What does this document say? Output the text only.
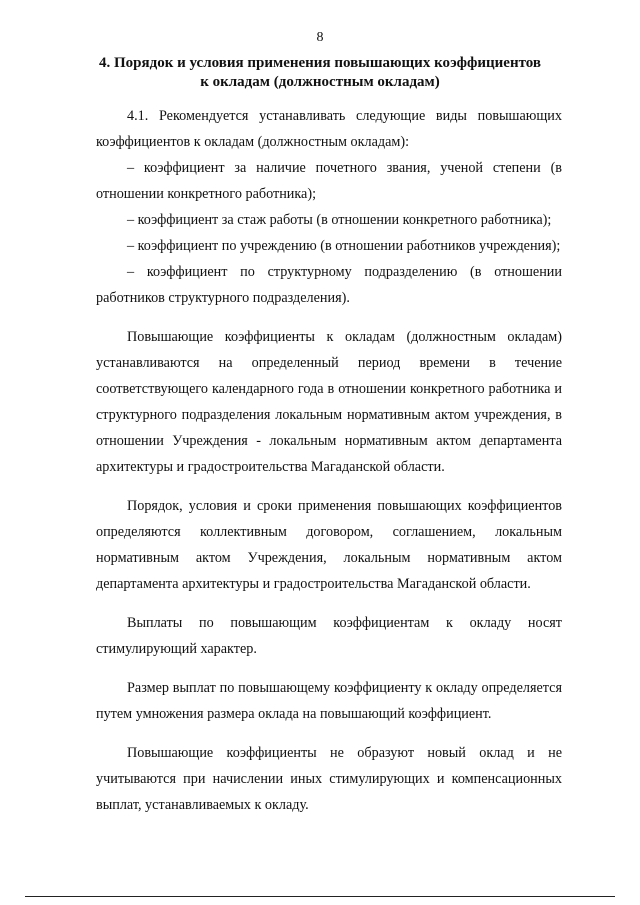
8
4. Порядок и условия применения повышающих коэффициентов
к окладам (должностным окладам)

4.1. Рекомендуется устанавливать следующие виды повышающих коэффициентов к окладам (должностным окладам):

– коэффициент за наличие почетного звания, ученой степени (в отношении конкретного работника);

– коэффициент за стаж работы (в отношении конкретного работника);

– коэффициент по учреждению (в отношении работников учреждения);

– коэффициент по структурному подразделению (в отношении работников структурного подразделения).

Повышающие коэффициенты к окладам (должностным окладам) устанавливаются на определенный период времени в течение соответствующего календарного года в отношении конкретного работника и структурного подразделения локальным нормативным актом учреждения, в отношении Учреждения - локальным нормативным актом департамента архитектуры и градостроительства Магаданской области.

Порядок, условия и сроки применения повышающих коэффициентов определяются коллективным договором, соглашением, локальным нормативным актом Учреждения, локальным нормативным актом департамента архитектуры и градостроительства Магаданской области.

Выплаты по повышающим коэффициентам к окладу носят стимулирующий характер.

Размер выплат по повышающему коэффициенту к окладу определяется путем умножения размера оклада на повышающий коэффициент.

Повышающие коэффициенты не образуют новый оклад и не учитываются при начислении иных стимулирующих и компенсационных выплат, устанавливаемых к окладу.
